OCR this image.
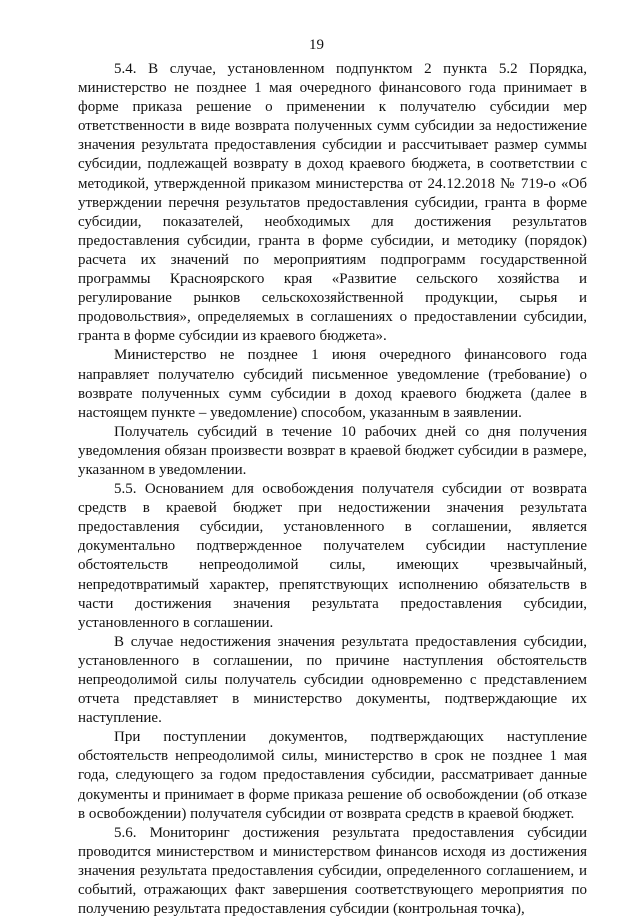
19

5.4. В случае, установленном подпунктом 2 пункта 5.2 Порядка, министерство не позднее 1 мая очередного финансового года принимает в форме приказа решение о применении к получателю субсидии мер ответственности в виде возврата полученных сумм субсидии за недостижение значения результата предоставления субсидии и рассчитывает размер суммы субсидии, подлежащей возврату в доход краевого бюджета, в соответствии с методикой, утвержденной приказом министерства от 24.12.2018 № 719-о «Об утверждении перечня результатов предоставления субсидии, гранта в форме субсидии, показателей, необходимых для достижения результатов предоставления субсидии, гранта в форме субсидии, и методику (порядок) расчета их значений по мероприятиям подпрограмм государственной программы Красноярского края «Развитие сельского хозяйства и регулирование рынков сельскохозяйственной продукции, сырья и продовольствия», определяемых в соглашениях о предоставлении субсидии, гранта в форме субсидии из краевого бюджета».

Министерство не позднее 1 июня очередного финансового года направляет получателю субсидий письменное уведомление (требование) о возврате полученных сумм субсидии в доход краевого бюджета (далее в настоящем пункте – уведомление) способом, указанным в заявлении.

Получатель субсидий в течение 10 рабочих дней со дня получения уведомления обязан произвести возврат в краевой бюджет субсидии в размере, указанном в уведомлении.

5.5. Основанием для освобождения получателя субсидии от возврата средств в краевой бюджет при недостижении значения результата предоставления субсидии, установленного в соглашении, является документально подтвержденное получателем субсидии наступление обстоятельств непреодолимой силы, имеющих чрезвычайный, непредотвратимый характер, препятствующих исполнению обязательств в части достижения значения результата предоставления субсидии, установленного в соглашении.

В случае недостижения значения результата предоставления субсидии, установленного в соглашении, по причине наступления обстоятельств непреодолимой силы получатель субсидии одновременно с представлением отчета представляет в министерство документы, подтверждающие их наступление.

При поступлении документов, подтверждающих наступление обстоятельств непреодолимой силы, министерство в срок не позднее 1 мая года, следующего за годом предоставления субсидии, рассматривает данные документы и принимает в форме приказа решение об освобождении (об отказе в освобождении) получателя субсидии от возврата средств в краевой бюджет.

5.6. Мониторинг достижения результата предоставления субсидии проводится министерством и министерством финансов исходя из достижения значения результата предоставления субсидии, определенного соглашением, и событий, отражающих факт завершения соответствующего мероприятия по получению результата предоставления субсидии (контрольная точка),
